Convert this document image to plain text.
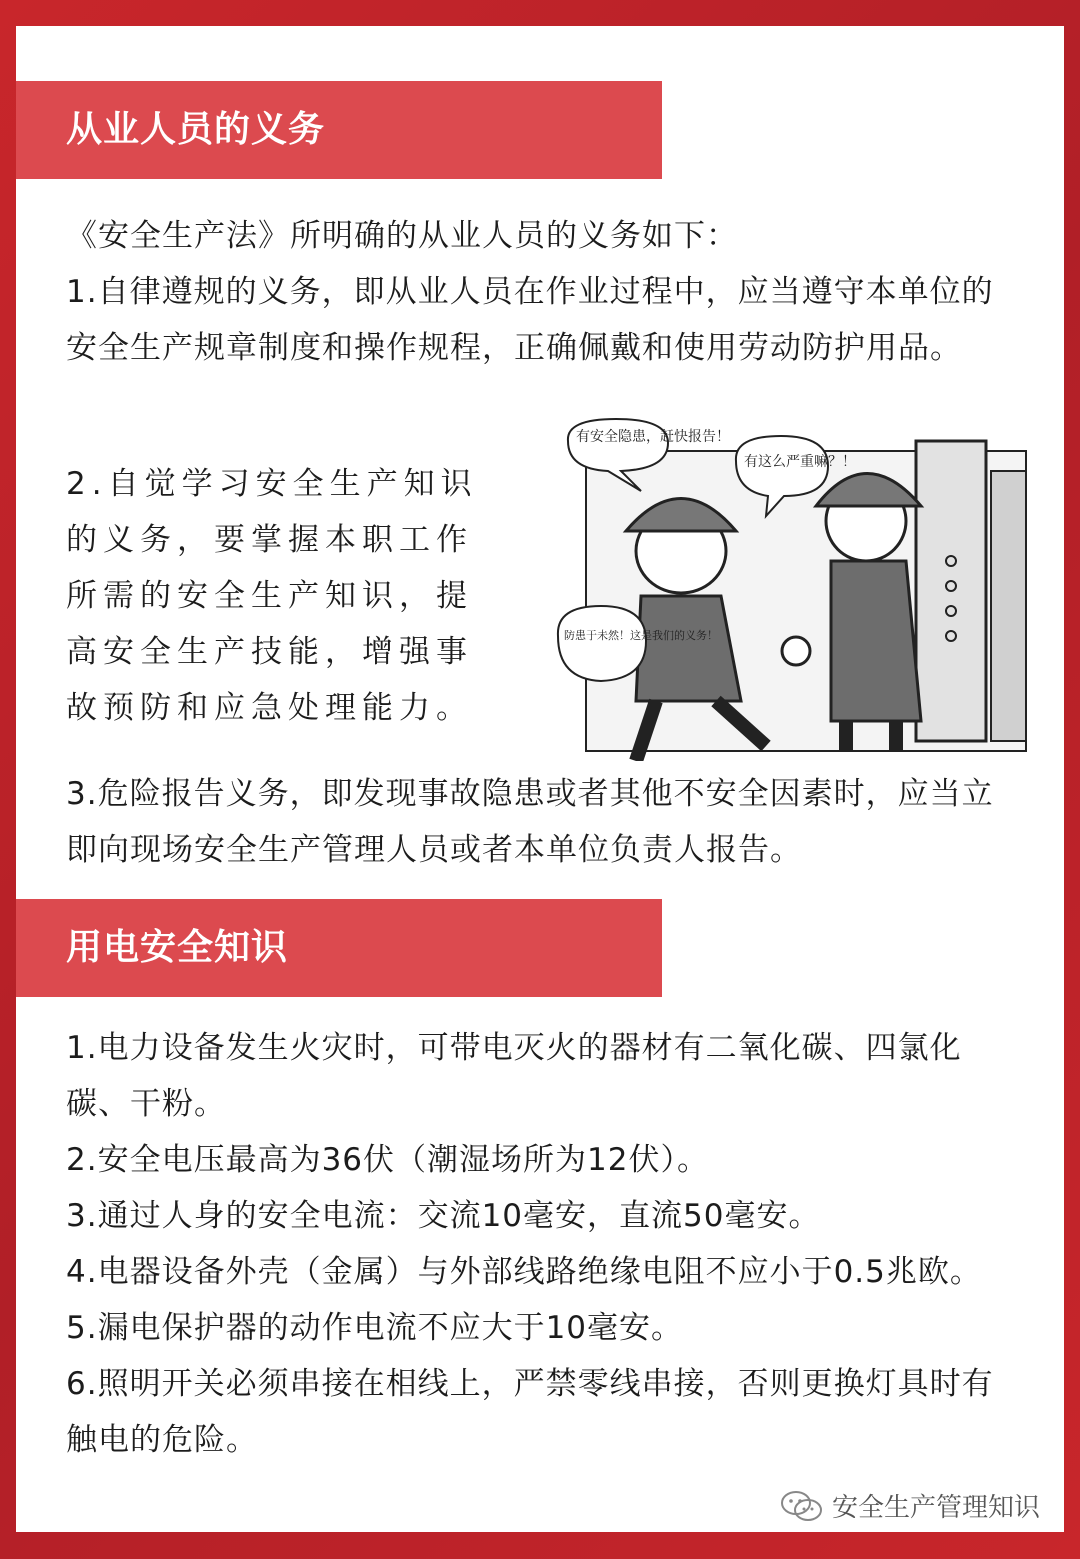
从业人员的义务

《安全生产法》所明确的从业人员的义务如下：

1.自律遵规的义务，即从业人员在作业过程中，应当遵守本单位的安全生产规章制度和操作规程，正确佩戴和使用劳动防护用品。

2.自觉学习安全生产知识的义务，要掌握本职工作所需的安全生产知识，提高安全生产技能，增强事故预防和应急处理能力。
有安全隐患，赶快报告！
有这么严重嘛？！
防患于未然！这是我们的义务！
3.危险报告义务，即发现事故隐患或者其他不安全因素时，应当立即向现场安全生产管理人员或者本单位负责人报告。
用电安全知识

1.电力设备发生火灾时，可带电灭火的器材有二氧化碳、四氯化碳、干粉。

2.安全电压最高为36伏（潮湿场所为12伏）。

3.通过人身的安全电流：交流10毫安，直流50毫安。

4.电器设备外壳（金属）与外部线路绝缘电阻不应小于0.5兆欧。

5.漏电保护器的动作电流不应大于10毫安。

6.照明开关必须串接在相线上，严禁零线串接，否则更换灯具时有触电的危险。

安全生产管理知识
